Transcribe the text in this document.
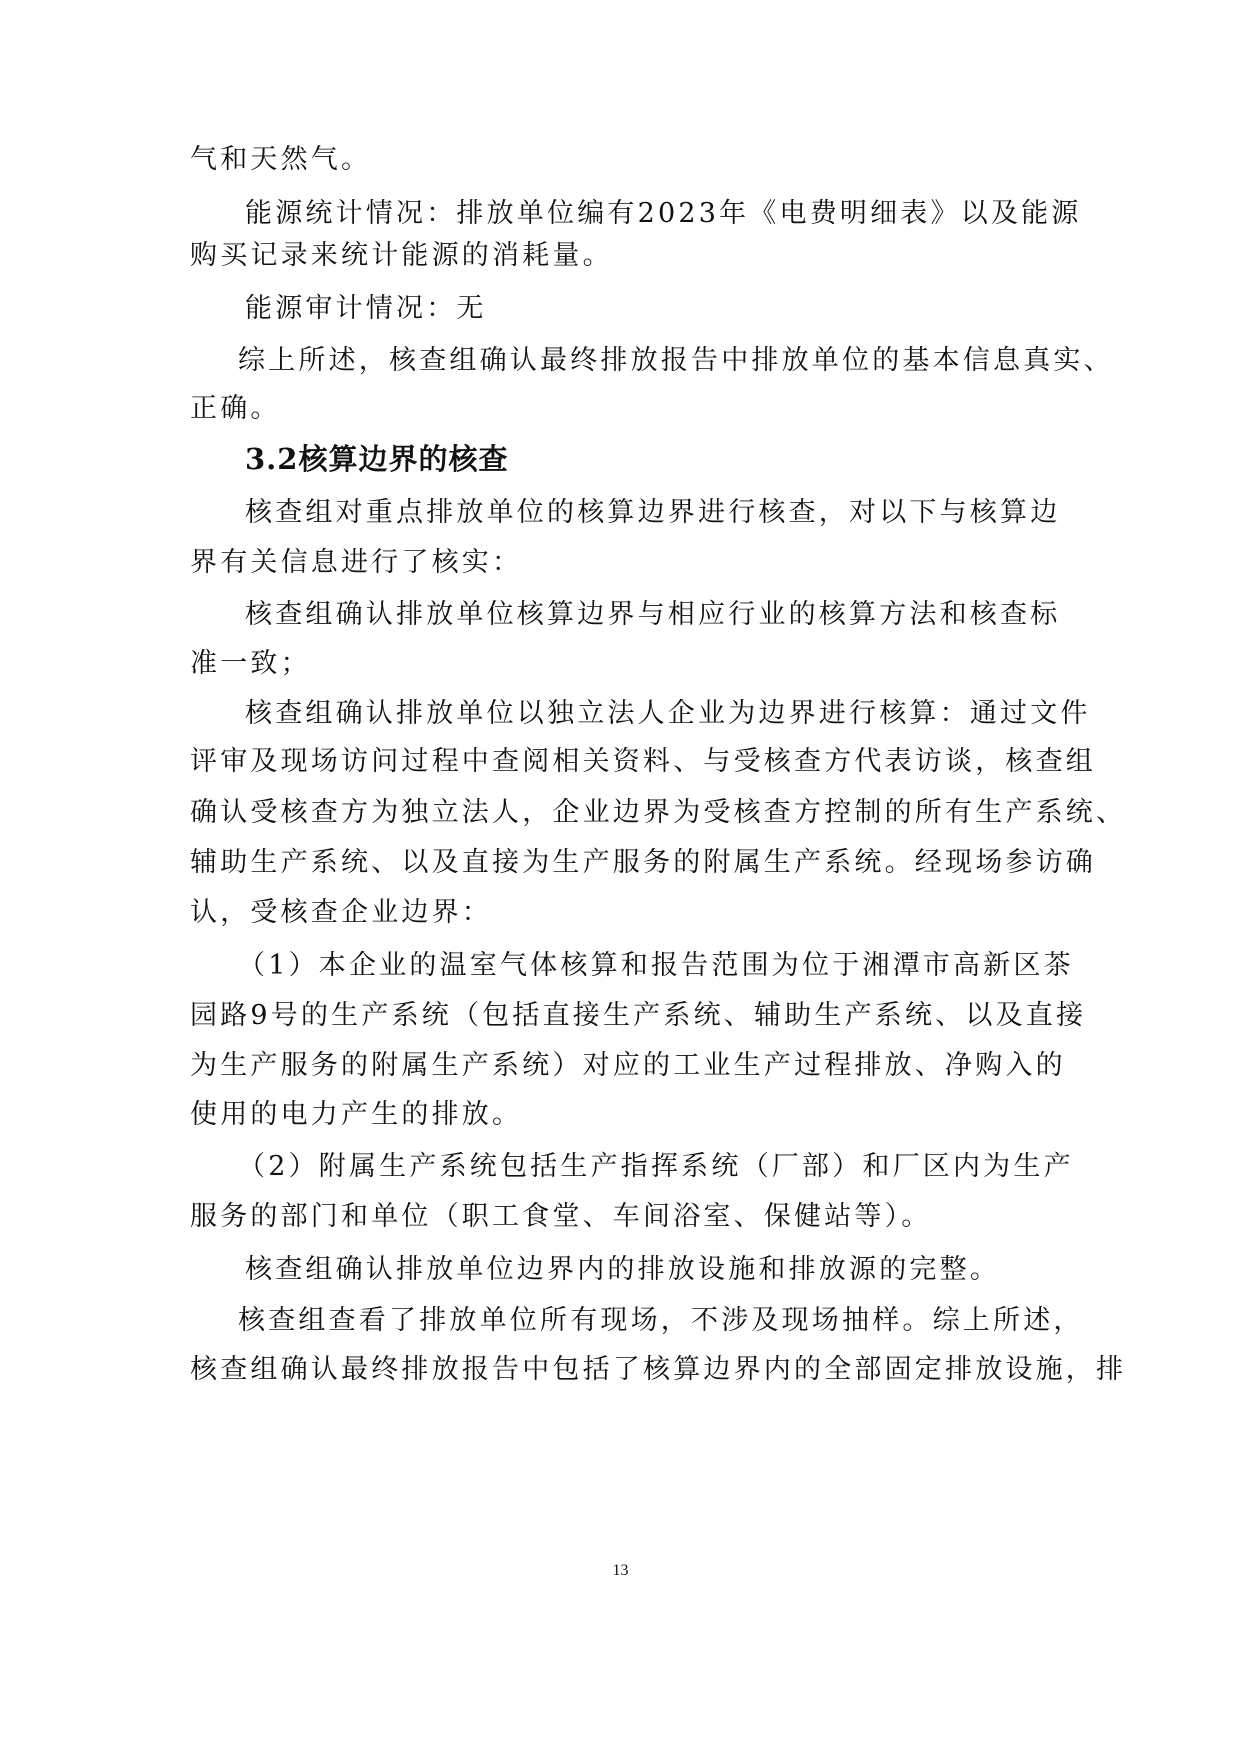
气和天然气。
能源统计情况：排放单位编有2023年《电费明细表》以及能源
购买记录来统计能源的消耗量。
能源审计情况：无
综上所述，核查组确认最终排放报告中排放单位的基本信息真实、
正确。
3.2核算边界的核查
核查组对重点排放单位的核算边界进行核查，对以下与核算边
界有关信息进行了核实：
核查组确认排放单位核算边界与相应行业的核算方法和核查标
准一致；
核查组确认排放单位以独立法人企业为边界进行核算：通过文件
评审及现场访问过程中查阅相关资料、与受核查方代表访谈，核查组
确认受核查方为独立法人，企业边界为受核查方控制的所有生产系统、
辅助生产系统、以及直接为生产服务的附属生产系统。经现场参访确
认，受核查企业边界：
（1）本企业的温室气体核算和报告范围为位于湘潭市高新区茶
园路9号的生产系统（包括直接生产系统、辅助生产系统、以及直接
为生产服务的附属生产系统）对应的工业生产过程排放、净购入的
使用的电力产生的排放。
（2）附属生产系统包括生产指挥系统（厂部）和厂区内为生产
服务的部门和单位（职工食堂、车间浴室、保健站等）。
核查组确认排放单位边界内的排放设施和排放源的完整。
核查组查看了排放单位所有现场，不涉及现场抽样。综上所述，
核查组确认最终排放报告中包括了核算边界内的全部固定排放设施，排
13
